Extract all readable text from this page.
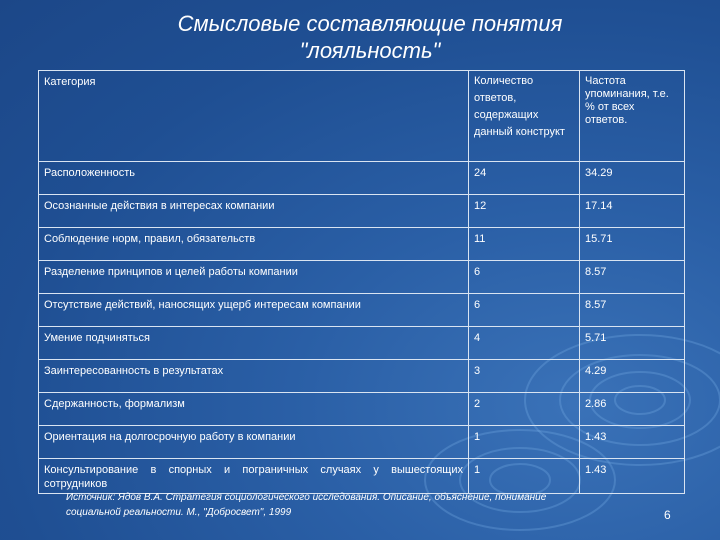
Смысловые составляющие понятия
"лояльность"
Категория	Количество ответов, содержащих данный конструкт	Частота упоминания, т.е. % от всех ответов.
Расположенность	24	34.29
Осознанные действия в интересах компании	12	17.14
Соблюдение норм, правил, обязательств	11	15.71
Разделение принципов и целей работы компании	6	8.57
Отсутствие действий, наносящих ущерб интересам компании	6	8.57
Умение подчиняться	4	5.71
Заинтересованность в результатах	3	4.29
Сдержанность, формализм	2	2.86
Ориентация на долгосрочную работу в компании	1	1.43
Консультирование в спорных и пограничных случаях у вышестоящих сотрудников	1	1.43
Источник: Ядов В.А. Стратегия социологического исследования. Описание, объяснение, понимание
социальной реальности. М., "Добросвет", 1999	6
